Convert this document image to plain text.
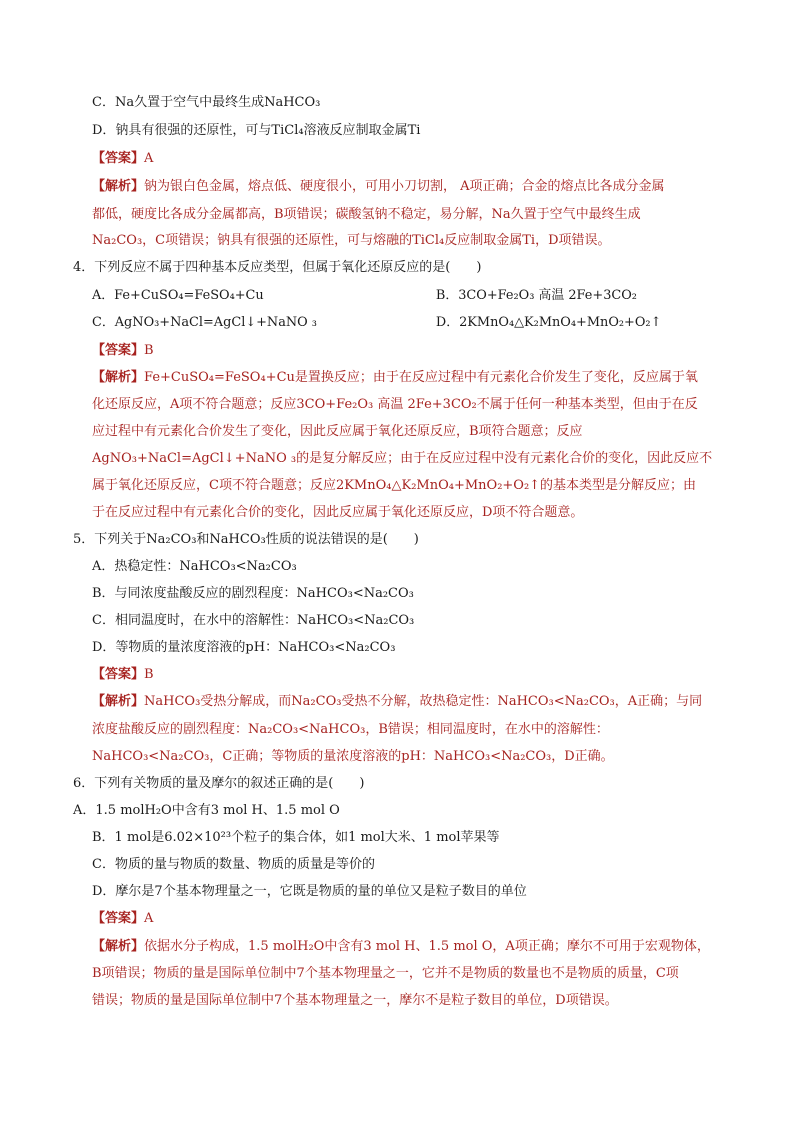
C．Na久置于空气中最终生成NaHCO₃
D．钠具有很强的还原性，可与TiCl₄溶液反应制取金属Ti
【答案】A
【解析】钠为银白色金属，熔点低、硬度很小，可用小刀切割， A项正确；合金的熔点比各成分金属
都低，硬度比各成分金属都高，B项错误；碳酸氢钠不稳定，易分解，Na久置于空气中最终生成
Na₂CO₃，C项错误；钠具有很强的还原性，可与熔融的TiCl₄反应制取金属Ti，D项错误。
4．下列反应不属于四种基本反应类型，但属于氧化还原反应的是(　　)
A．Fe+CuSO₄=FeSO₄+Cu	B．3CO+Fe₂O₃ 高温 2Fe+3CO₂
C．AgNO₃+NaCl=AgCl↓+NaNO ₃	D．2KMnO₄△K₂MnO₄+MnO₂+O₂↑
【答案】B
【解析】Fe+CuSO₄=FeSO₄+Cu是置换反应；由于在反应过程中有元素化合价发生了变化，反应属于氧
化还原反应，A项不符合题意；反应3CO+Fe₂O₃ 高温 2Fe+3CO₂不属于任何一种基本类型，但由于在反
应过程中有元素化合价发生了变化，因此反应属于氧化还原反应，B项符合题意；反应
AgNO₃+NaCl=AgCl↓+NaNO ₃的是复分解反应；由于在反应过程中没有元素化合价的变化，因此反应不
属于氧化还原反应，C项不符合题意；反应2KMnO₄△K₂MnO₄+MnO₂+O₂↑的基本类型是分解反应；由
于在反应过程中有元素化合价的变化，因此反应属于氧化还原反应，D项不符合题意。
5．下列关于Na₂CO₃和NaHCO₃性质的说法错误的是(　　)
A．热稳定性：NaHCO₃<Na₂CO₃
B．与同浓度盐酸反应的剧烈程度：NaHCO₃<Na₂CO₃
C．相同温度时，在水中的溶解性：NaHCO₃<Na₂CO₃
D．等物质的量浓度溶液的pH：NaHCO₃<Na₂CO₃
【答案】B
【解析】NaHCO₃受热分解成，而Na₂CO₃受热不分解，故热稳定性：NaHCO₃<Na₂CO₃，A正确；与同
浓度盐酸反应的剧烈程度：Na₂CO₃<NaHCO₃，B错误；相同温度时，在水中的溶解性：
NaHCO₃<Na₂CO₃，C正确；等物质的量浓度溶液的pH：NaHCO₃<Na₂CO₃，D正确。
6．下列有关物质的量及摩尔的叙述正确的是(　　)
A．1.5 molH₂O中含有3 mol H、1.5 mol O
B．1 mol是6.02×10²³个粒子的集合体，如1 mol大米、1 mol苹果等
C．物质的量与物质的数量、物质的质量是等价的
D．摩尔是7个基本物理量之一，它既是物质的量的单位又是粒子数目的单位
【答案】A
【解析】依据水分子构成，1.5 molH₂O中含有3 mol H、1.5 mol O，A项正确；摩尔不可用于宏观物体，
B项错误；物质的量是国际单位制中7个基本物理量之一，它并不是物质的数量也不是物质的质量，C项
错误；物质的量是国际单位制中7个基本物理量之一，摩尔不是粒子数目的单位，D项错误。
